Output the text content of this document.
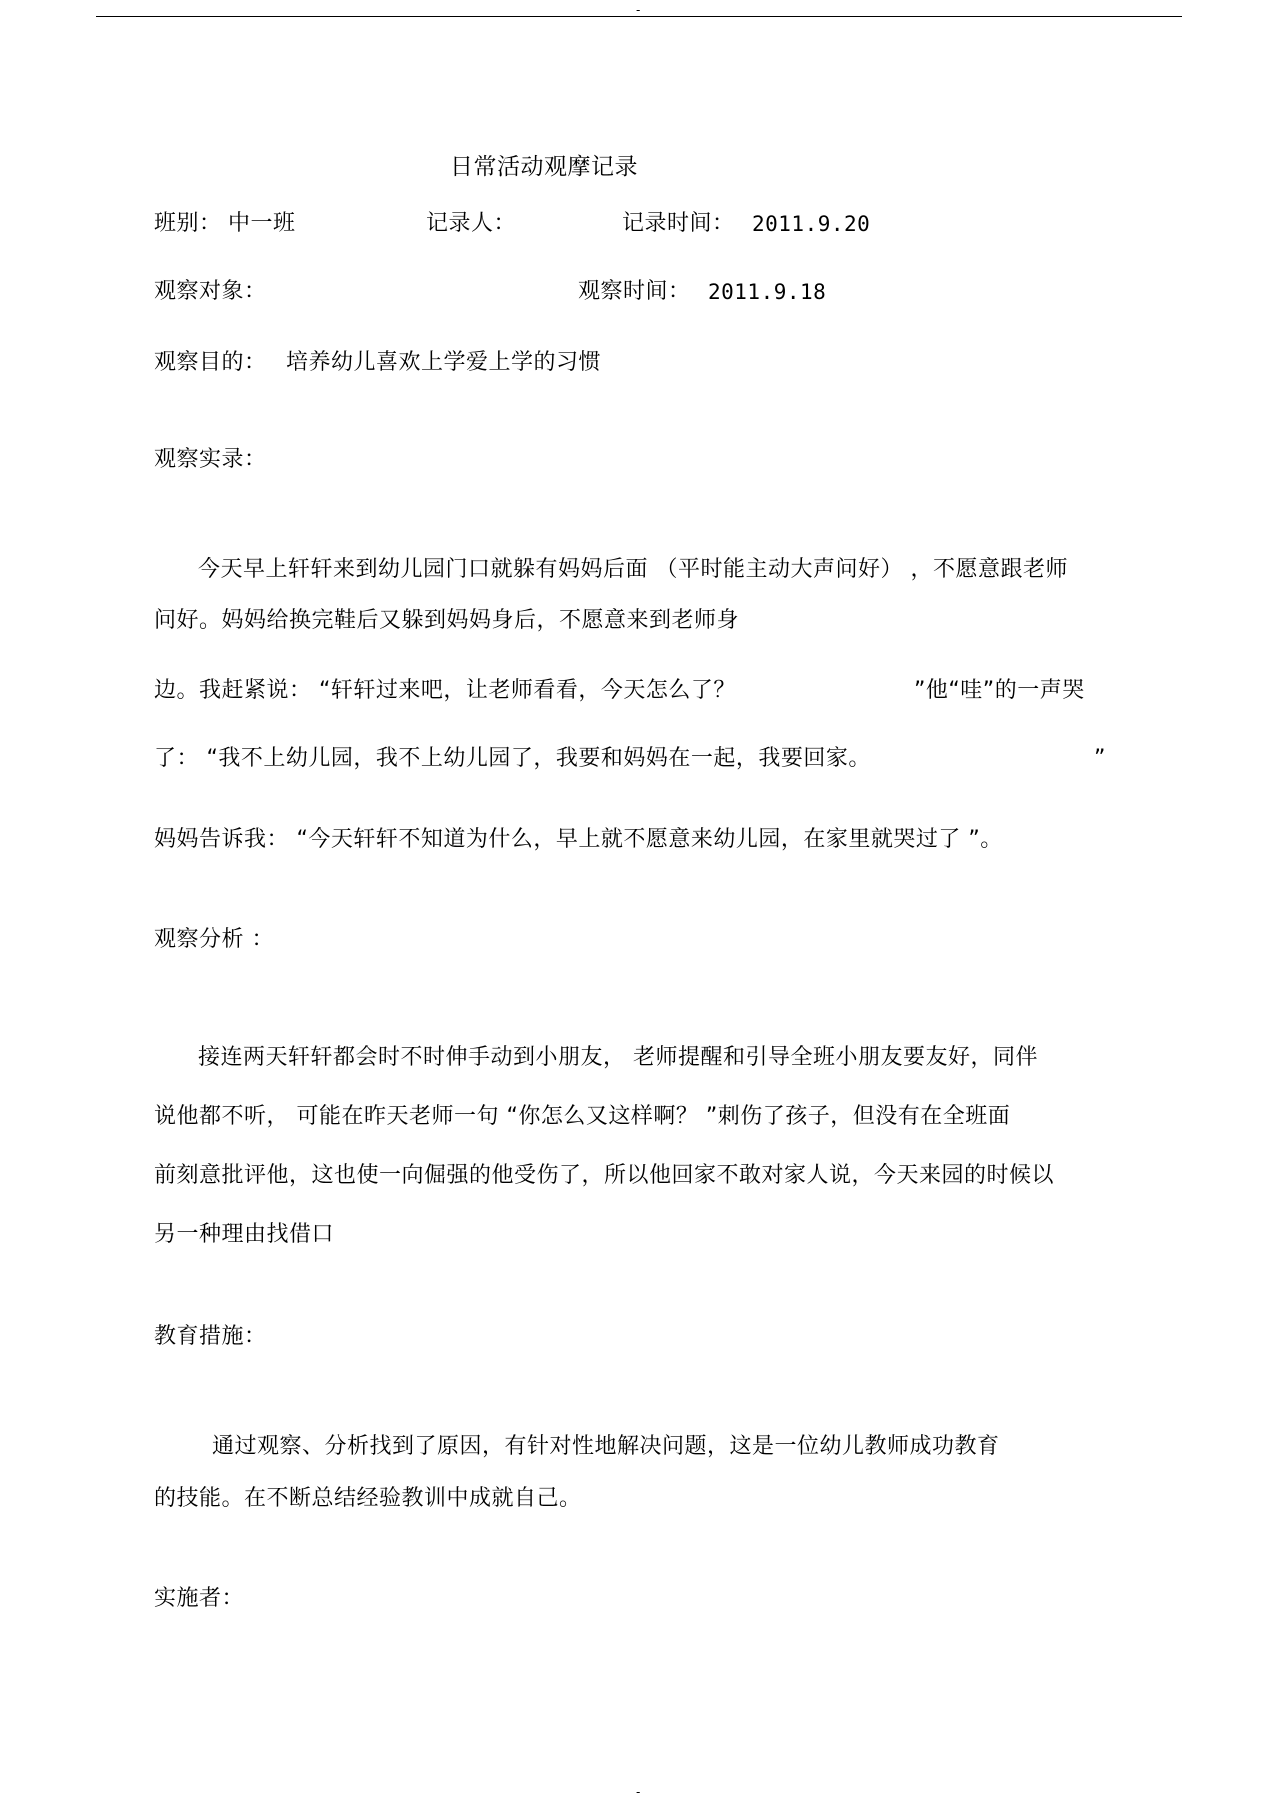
-
日常活动观摩记录
班别： 中一班	记录人：	记录时间： 2011.9.20
观察对象：	观察时间： 2011.9.18
观察目的： 培养幼儿喜欢上学爱上学的习惯
观察实录：
今天早上轩轩来到幼儿园门口就躲有妈妈后面 （平时能主动大声问好） ，不愿意跟老师
问好。妈妈给换完鞋后又躲到妈妈身后，不愿意来到老师身
边。我赶紧说： “轩轩过来吧，让老师看看，今天怎么了？	”他“哇”的一声哭
了： “我不上幼儿园，我不上幼儿园了，我要和妈妈在一起，我要回家。	”
妈妈告诉我： “今天轩轩不知道为什么，早上就不愿意来幼儿园，在家里就哭过了 ”。
观察分析 ：
接连两天轩轩都会时不时伸手动到小朋友， 老师提醒和引导全班小朋友要友好，同伴
说他都不听， 可能在昨天老师一句 “你怎么又这样啊？ ”刺伤了孩子，但没有在全班面
前刻意批评他，这也使一向倔强的他受伤了，所以他回家不敢对家人说，今天来园的时候以
另一种理由找借口
教育措施：
通过观察、分析找到了原因，有针对性地解决问题，这是一位幼儿教师成功教育
的技能。在不断总结经验教训中成就自己。
实施者：
-
